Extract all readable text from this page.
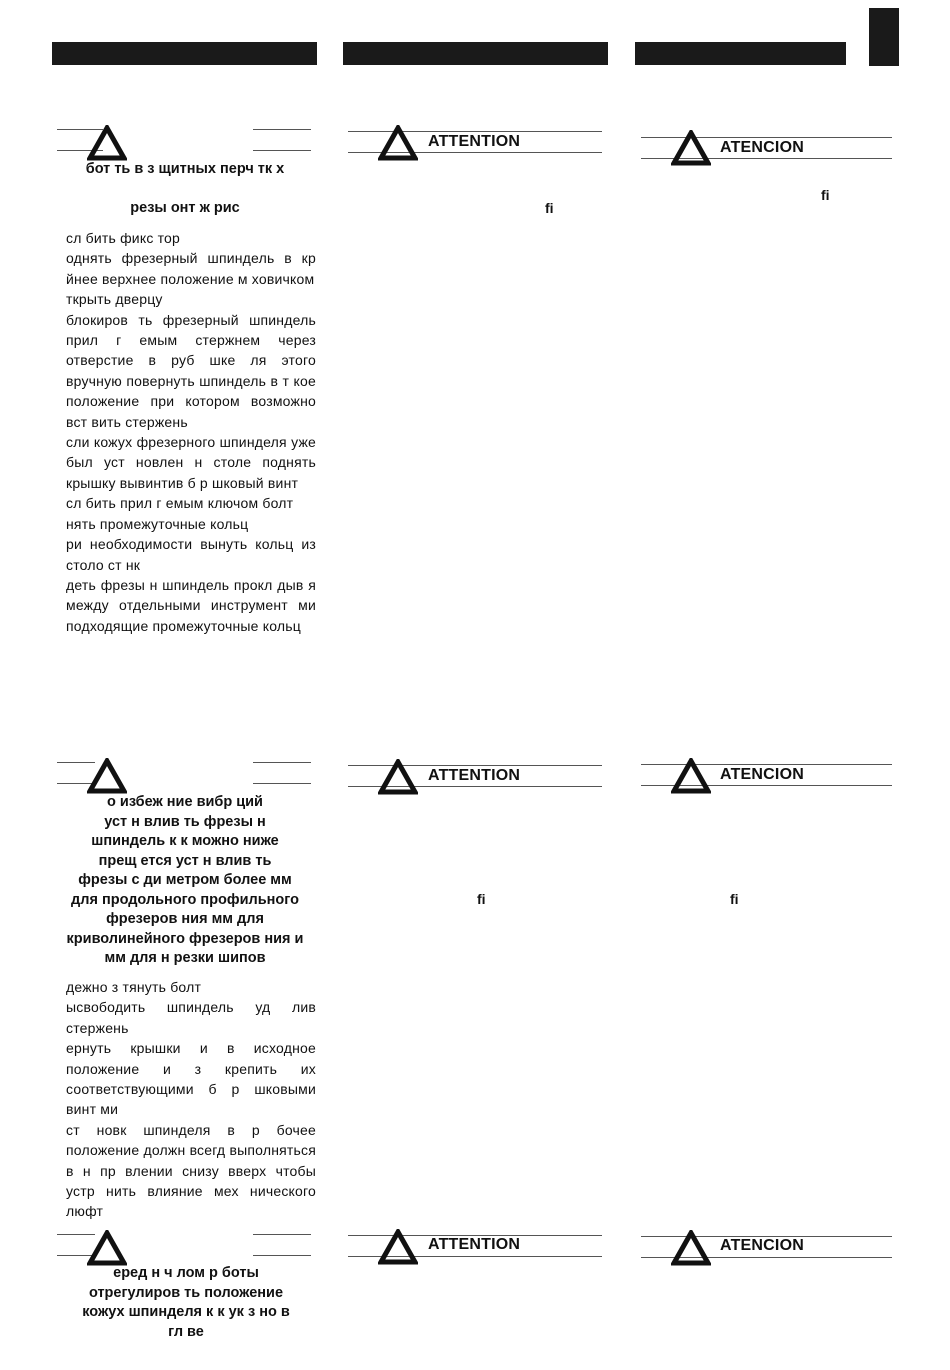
бот ть в з щитных перч тк х
резы онт ж рис

сл бить фикс тор

однять фрезерный шпиндель в кр йнее верхнее положение м ховичком

ткрыть дверцу

блокиров ть фрезерный шпиндель прил г емым стержнем через отверстие в руб шке ля этого вручную повернуть шпиндель в т кое положение при котором возможно вст вить стержень

сли кожух фрезерного шпинделя уже был уст новлен н столе поднять крышку вывинтив б р шковый винт

сл бить прил г емым ключом болт

нять промежуточные кольц

ри необходимости вынуть кольц из столо ст нк

деть фрезы н шпиндель прокл дыв я между отдельными инструмент ми подходящие промежуточные кольц

о избеж ние вибр ций
уст н влив ть фрезы н
шпиндель к к можно ниже
прещ ется уст н влив ть
фрезы с ди метром более мм
для продольного профильного
фрезеров ния мм для
криволинейного фрезеров ния и
мм для н резки шипов

дежно з тянуть болт

ысвободить шпиндель уд лив стержень

ернуть крышки и в исходное положение и з крепить их соответствующими б р шковыми винт ми

ст новк шпинделя в р бочее положение должн всегд выполняться в н пр влении снизу вверх чтобы устр нить влияние мех нического люфт

еред н ч лом р боты
отрегулиров ть положение
кожух шпинделя к к ук з но в
гл ве
ATTENTION
fi
ATTENTION
fi
ATTENTION
ATENCION
fi
ATENCION
fi
ATENCION
